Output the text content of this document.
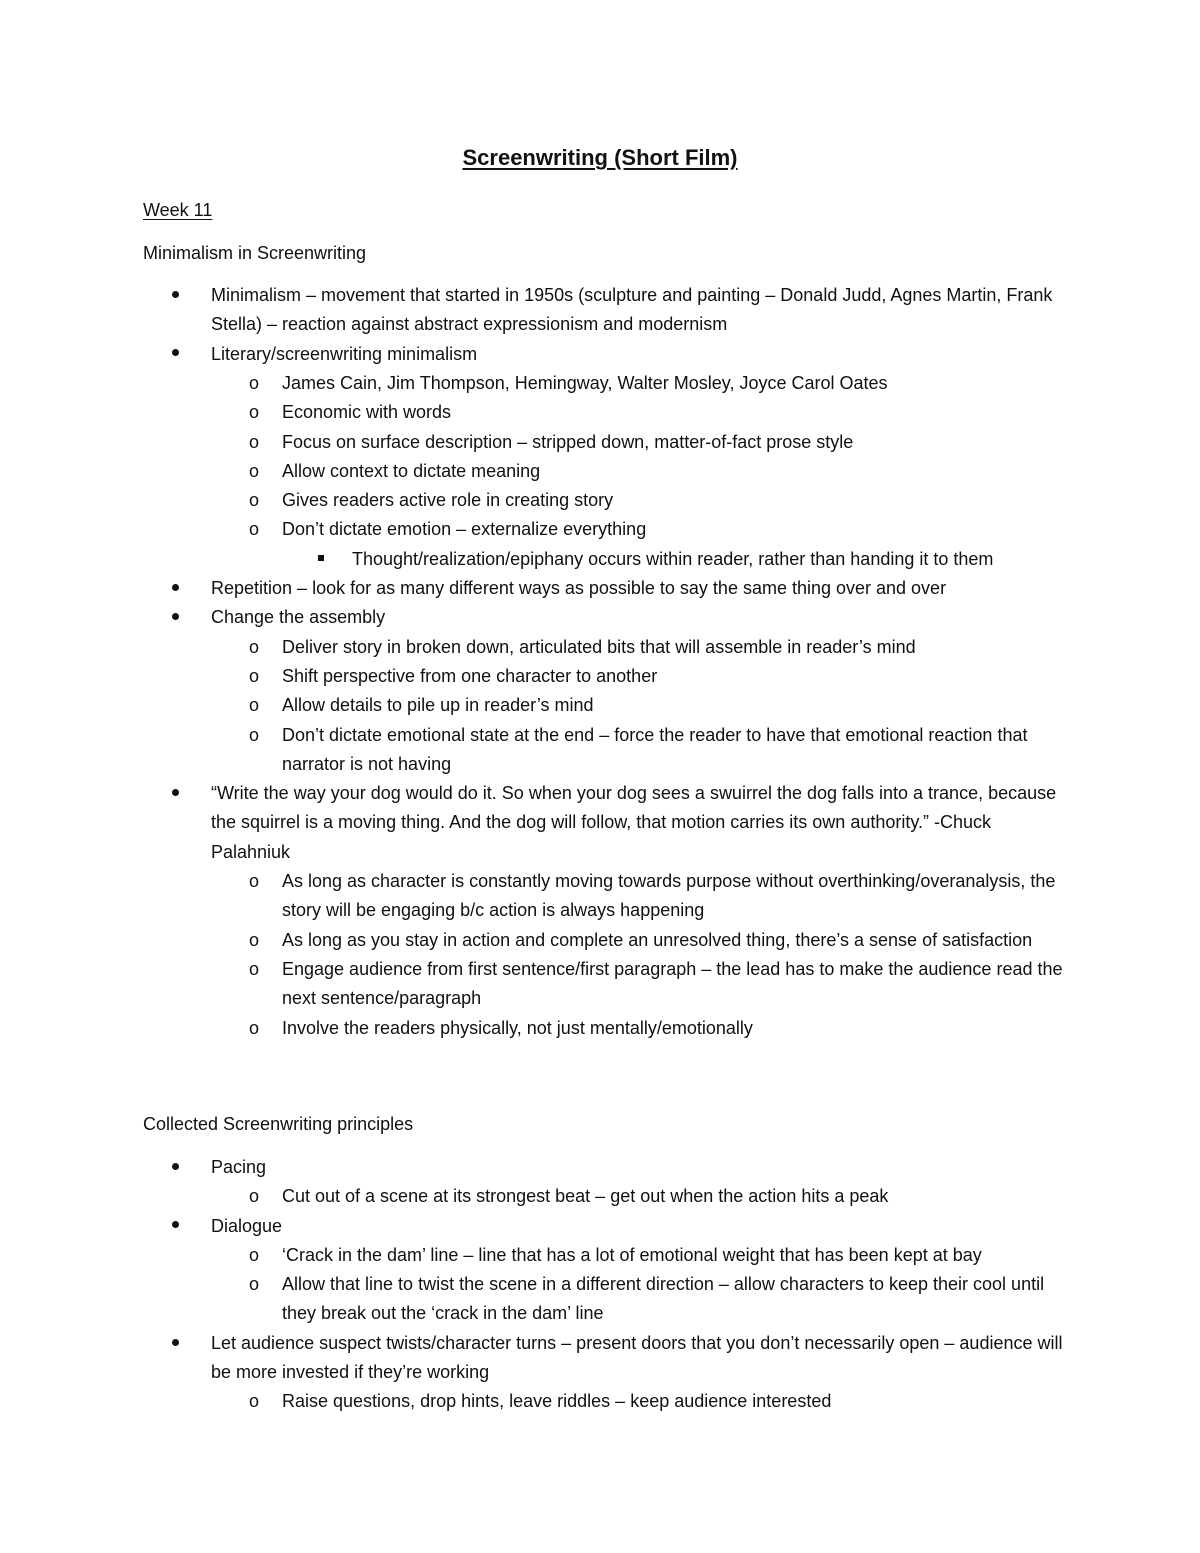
Screenwriting (Short Film)
Week 11
Minimalism in Screenwriting
Minimalism – movement that started in 1950s (sculpture and painting – Donald Judd, Agnes Martin, Frank Stella) – reaction against abstract expressionism and modernism
Literary/screenwriting minimalism
o James Cain, Jim Thompson, Hemingway, Walter Mosley, Joyce Carol Oates
o Economic with words
o Focus on surface description – stripped down, matter-of-fact prose style
o Allow context to dictate meaning
o Gives readers active role in creating story
o Don’t dictate emotion – externalize everything
Thought/realization/epiphany occurs within reader, rather than handing it to them
Repetition – look for as many different ways as possible to say the same thing over and over
Change the assembly
o Deliver story in broken down, articulated bits that will assemble in reader’s mind
o Shift perspective from one character to another
o Allow details to pile up in reader’s mind
o Don’t dictate emotional state at the end – force the reader to have that emotional reaction that narrator is not having
“Write the way your dog would do it. So when your dog sees a swuirrel the dog falls into a trance, because the squirrel is a moving thing. And the dog will follow, that motion carries its own authority.” -Chuck Palahniuk
o As long as character is constantly moving towards purpose without overthinking/overanalysis, the story will be engaging b/c action is always happening
o As long as you stay in action and complete an unresolved thing, there’s a sense of satisfaction
o Engage audience from first sentence/first paragraph – the lead has to make the audience read the next sentence/paragraph
o Involve the readers physically, not just mentally/emotionally
Collected Screenwriting principles
Pacing
o Cut out of a scene at its strongest beat – get out when the action hits a peak
Dialogue
o ‘Crack in the dam’ line – line that has a lot of emotional weight that has been kept at bay
o Allow that line to twist the scene in a different direction – allow characters to keep their cool until they break out the ‘crack in the dam’ line
Let audience suspect twists/character turns – present doors that you don’t necessarily open – audience will be more invested if they’re working
o Raise questions, drop hints, leave riddles – keep audience interested
